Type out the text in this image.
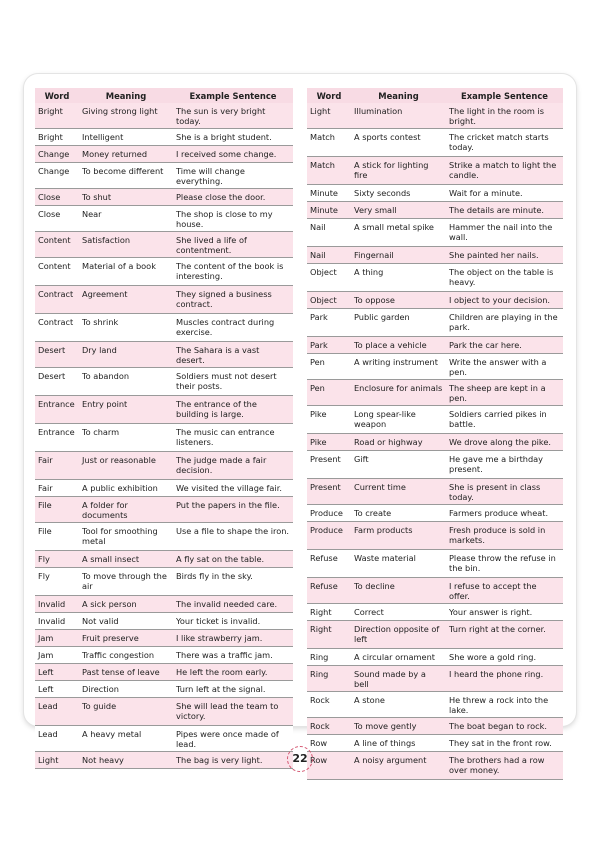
Word	Meaning	Example Sentence
Bright	Giving strong light	The sun is very bright today.
Bright	Intelligent	She is a bright student.
Change	Money returned	I received some change.
Change	To become different	Time will change everything.
Close	To shut	Please close the door.
Close	Near	The shop is close to my house.
Content	Satisfaction	She lived a life of contentment.
Content	Material of a book	The content of the book is interesting.
Contract	Agreement	They signed a business contract.
Contract	To shrink	Muscles contract during exercise.
Desert	Dry land	The Sahara is a vast desert.
Desert	To abandon	Soldiers must not desert their posts.
Entrance	Entry point	The entrance of the building is large.
Entrance	To charm	The music can entrance listeners.
Fair	Just or reasonable	The judge made a fair decision.
Fair	A public exhibition	We visited the village fair.
File	A folder for documents	Put the papers in the file.
File	Tool for smoothing metal	Use a file to shape the iron.
Fly	A small insect	A fly sat on the table.
Fly	To move through the air	Birds fly in the sky.
Invalid	A sick person	The invalid needed care.
Invalid	Not valid	Your ticket is invalid.
Jam	Fruit preserve	I like strawberry jam.
Jam	Traffic congestion	There was a traffic jam.
Left	Past tense of leave	He left the room early.
Left	Direction	Turn left at the signal.
Lead	To guide	She will lead the team to victory.
Lead	A heavy metal	Pipes were once made of lead.
Light	Not heavy	The bag is very light.
Word	Meaning	Example Sentence
Light	Illumination	The light in the room is bright.
Match	A sports contest	The cricket match starts today.
Match	A stick for lighting fire	Strike a match to light the candle.
Minute	Sixty seconds	Wait for a minute.
Minute	Very small	The details are minute.
Nail	A small metal spike	Hammer the nail into the wall.
Nail	Fingernail	She painted her nails.
Object	A thing	The object on the table is heavy.
Object	To oppose	I object to your decision.
Park	Public garden	Children are playing in the park.
Park	To place a vehicle	Park the car here.
Pen	A writing instrument	Write the answer with a pen.
Pen	Enclosure for animals	The sheep are kept in a pen.
Pike	Long spear-like weapon	Soldiers carried pikes in battle.
Pike	Road or highway	We drove along the pike.
Present	Gift	He gave me a birthday present.
Present	Current time	She is present in class today.
Produce	To create	Farmers produce wheat.
Produce	Farm products	Fresh produce is sold in markets.
Refuse	Waste material	Please throw the refuse in the bin.
Refuse	To decline	I refuse to accept the offer.
Right	Correct	Your answer is right.
Right	Direction opposite of left	Turn right at the corner.
Ring	A circular ornament	She wore a gold ring.
Ring	Sound made by a bell	I heard the phone ring.
Rock	A stone	He threw a rock into the lake.
Rock	To move gently	The boat began to rock.
Row	A line of things	They sat in the front row.
Row	A noisy argument	The brothers had a row over money.
22
